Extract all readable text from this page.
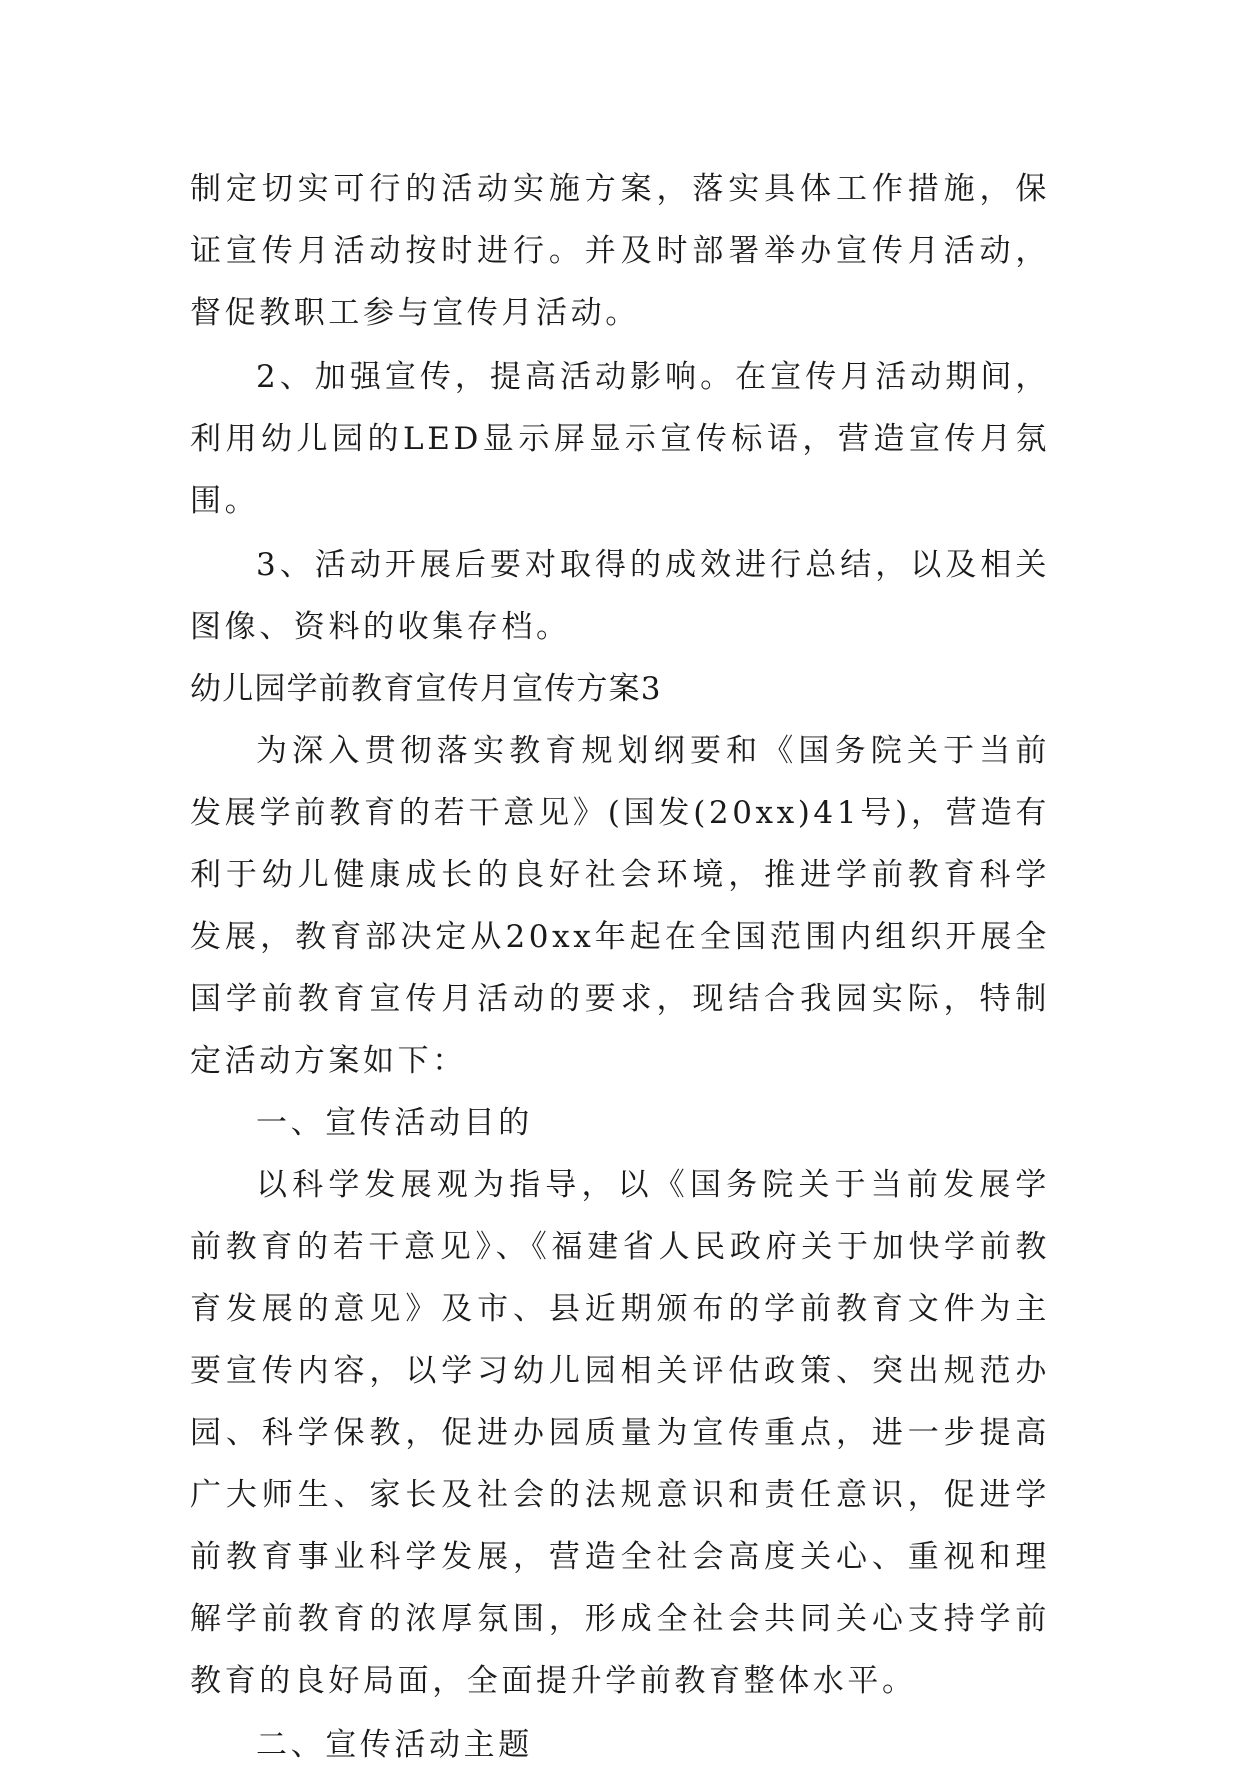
制定切实可行的活动实施方案，落实具体工作措施，保证宣传月活动按时进行。并及时部署举办宣传月活动，督促教职工参与宣传月活动。

2、加强宣传，提高活动影响。在宣传月活动期间，利用幼儿园的LED显示屏显示宣传标语，营造宣传月氛围。

3、活动开展后要对取得的成效进行总结，以及相关图像、资料的收集存档。

幼儿园学前教育宣传月宣传方案3

为深入贯彻落实教育规划纲要和《国务院关于当前发展学前教育的若干意见》(国发(20xx)41号)，营造有利于幼儿健康成长的良好社会环境，推进学前教育科学发展，教育部决定从20xx年起在全国范围内组织开展全国学前教育宣传月活动的要求，现结合我园实际，特制定活动方案如下：

一、宣传活动目的

以科学发展观为指导，以《国务院关于当前发展学前教育的若干意见》、《福建省人民政府关于加快学前教育发展的意见》及市、县近期颁布的学前教育文件为主要宣传内容，以学习幼儿园相关评估政策、突出规范办园、科学保教，促进办园质量为宣传重点，进一步提高广大师生、家长及社会的法规意识和责任意识，促进学前教育事业科学发展，营造全社会高度关心、重视和理解学前教育的浓厚氛围，形成全社会共同关心支持学前教育的良好局面，全面提升学前教育整体水平。

二、宣传活动主题
